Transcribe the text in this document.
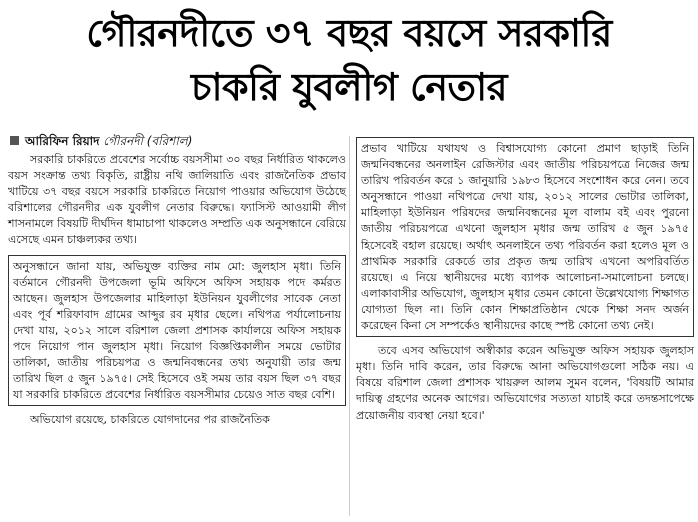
গৌরনদীতে ৩৭ বছর বয়সে সরকারি
চাকরি যুবলীগ নেতার
আরিফিন রিয়াদ গৌরনদী (বরিশাল)

সরকারি চাকরিতে প্রবেশের সর্বোচ্চ বয়সসীমা ৩০ বছর নির্ধারিত থাকলেও বয়স সংক্রান্ত তথ্য বিকৃতি, রাষ্ট্রীয় নথি জালিয়াতি এবং রাজনৈতিক প্রভাব খাটিয়ে ৩৭ বছর বয়সে সরকারি চাকরিতে নিয়োগ পাওয়ার অভিযোগ উঠেছে বরিশালের গৌরনদীর এক যুবলীগ নেতার বিরুদ্ধে। ফ্যাসিস্ট আওয়ামী লীগ শাসনামলে বিষয়টি দীর্ঘদিন ধামাচাপা থাকলেও সম্প্রতি এক অনুসন্ধানে বেরিয়ে এসেছে এমন চাঞ্চল্যকর তথ্য।

অনুসন্ধানে জানা যায়, অভিযুক্ত ব্যক্তির নাম মো: জুলহাস মৃধা। তিনি বর্তমানে গৌরনদী উপজেলা ভূমি অফিসে অফিস সহায়ক পদে কর্মরত আছেন। জুলহাস উপজেলার মাহিলাড়া ইউনিয়ন যুবলীগের সাবেক নেতা এবং পূর্ব শরিফাবাদ গ্রামের আব্দুর রব মৃধার ছেলে। নথিপত্র পর্যালোচনায় দেখা যায়, ২০১২ সালে বরিশাল জেলা প্রশাসক কার্যালয়ে অফিস সহায়ক পদে নিয়োগ পান জুলহাস মৃধা। নিয়োগ বিজ্ঞপ্তিকালীন সময়ে ভোটার তালিকা, জাতীয় পরিচয়পত্র ও জন্মনিবন্ধনের তথ্য অনুযায়ী তার জন্ম তারিখ ছিল ৫ জুন ১৯৭৫। সেই হিসেবে ওই সময় তার বয়স ছিল ৩৭ বছর যা সরকারি চাকরিতে প্রবেশের নির্ধারিত বয়সসীমার চেয়েও সাত বছর বেশি।

অভিযোগ রয়েছে, চাকরিতে যোগদানের পর রাজনৈতিক

প্রভাব খাটিয়ে যথাযথ ও বিশ্বাসযোগ্য কোনো প্রমাণ ছাড়াই তিনি জন্মনিবন্ধনের অনলাইন রেজিস্টার এবং জাতীয় পরিচয়পত্রে নিজের জন্ম তারিখ পরিবর্তন করে ১ জানুয়ারি ১৯৮৩ হিসেবে সংশোধন করে নেন। তবে অনুসন্ধানে পাওয়া নথিপত্রে দেখা যায়, ২০১২ সালের ভোটার তালিকা, মাহিলাড়া ইউনিয়ন পরিষদের জন্মনিবন্ধনের মূল বালাম বই এবং পুরনো জাতীয় পরিচয়পত্রে এখনো জুলহাস মৃধার জন্ম তারিখ ৫ জুন ১৯৭৫ হিসেবেই বহাল রয়েছে। অর্থাৎ অনলাইনে তথ্য পরিবর্তন করা হলেও মূল ও প্রাথমিক সরকারি রেকর্ডে তার প্রকৃত জন্ম তারিখ এখনো অপরিবর্তিত রয়েছে। এ নিয়ে স্থানীয়দের মধ্যে ব্যাপক আলোচনা-সমালোচনা চলছে। এলাকাবাসীর অভিযোগ, জুলহাস মৃধার তেমন কোনো উল্লেখযোগ্য শিক্ষাগত যোগ্যতা ছিল না। তিনি কোন শিক্ষাপ্রতিষ্ঠান থেকে শিক্ষা সনদ অর্জন করেছেন কিনা সে সম্পর্কেও স্থানীয়দের কাছে স্পষ্ট কোনো তথ্য নেই।

তবে এসব অভিযোগ অস্বীকার করেন অভিযুক্ত অফিস সহায়ক জুলহাস মৃধা। তিনি দাবি করেন, তার বিরুদ্ধে আনা অভিযোগগুলো সঠিক নয়। এ বিষয়ে বরিশাল জেলা প্রশাসক খায়রুল আলম সুমন বলেন, 'বিষয়টি আমার দায়িত্ব গ্রহণের অনেক আগের। অভিযোগের সত্যতা যাচাই করে তদন্তসাপেক্ষে প্রয়োজনীয় ব্যবস্থা নেয়া হবে।'
